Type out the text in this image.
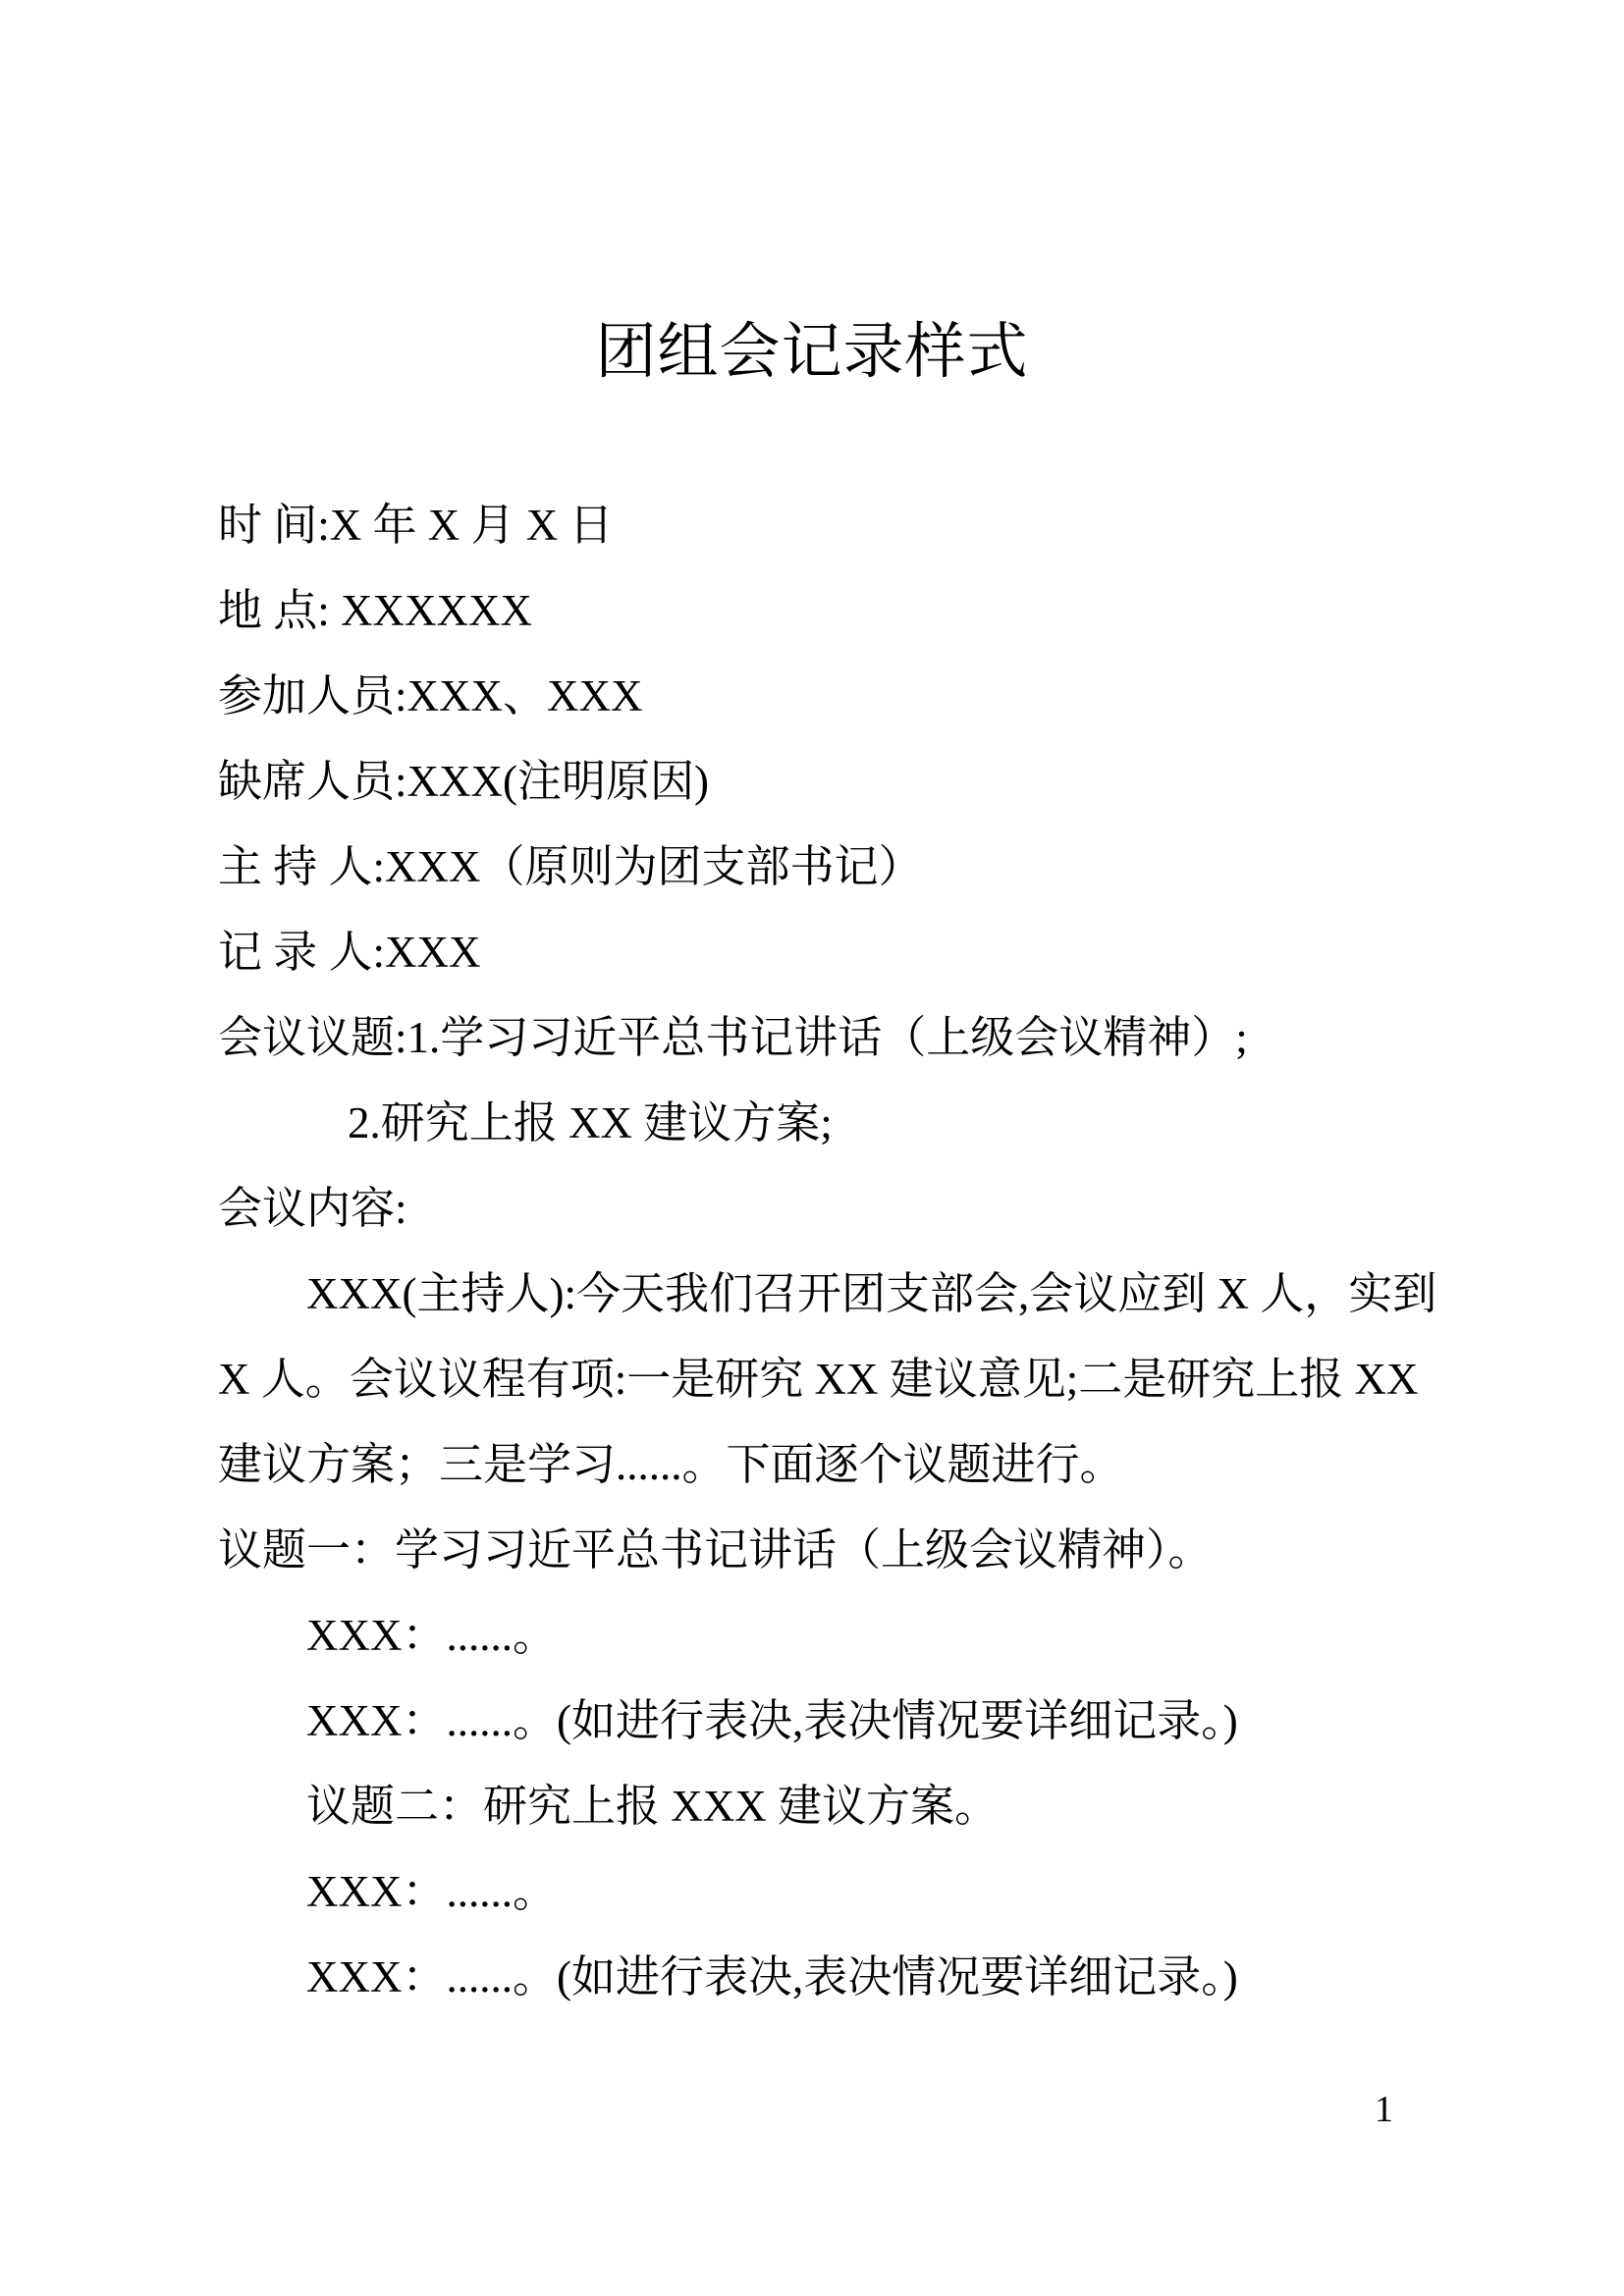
团组会记录样式
时 间:X 年 X 月 X 日
地 点: XXXXXX
参加人员:XXX、XXX
缺席人员:XXX(注明原因)
主 持 人:XXX（原则为团支部书记）
记 录 人:XXX
会议议题:1.学习习近平总书记讲话（上级会议精神）;
2.研究上报 XX 建议方案;
会议内容:
XXX(主持人):今天我们召开团支部会,会议应到 X 人，实到
X 人。会议议程有项:一是研究 XX 建议意见;二是研究上报 XX
建议方案；三是学习......。下面逐个议题进行。
议题一：学习习近平总书记讲话（上级会议精神）。
XXX：......。
XXX：......。(如进行表决,表决情况要详细记录。)
议题二：研究上报 XXX 建议方案。
XXX：......。
XXX：......。(如进行表决,表决情况要详细记录。)
1
